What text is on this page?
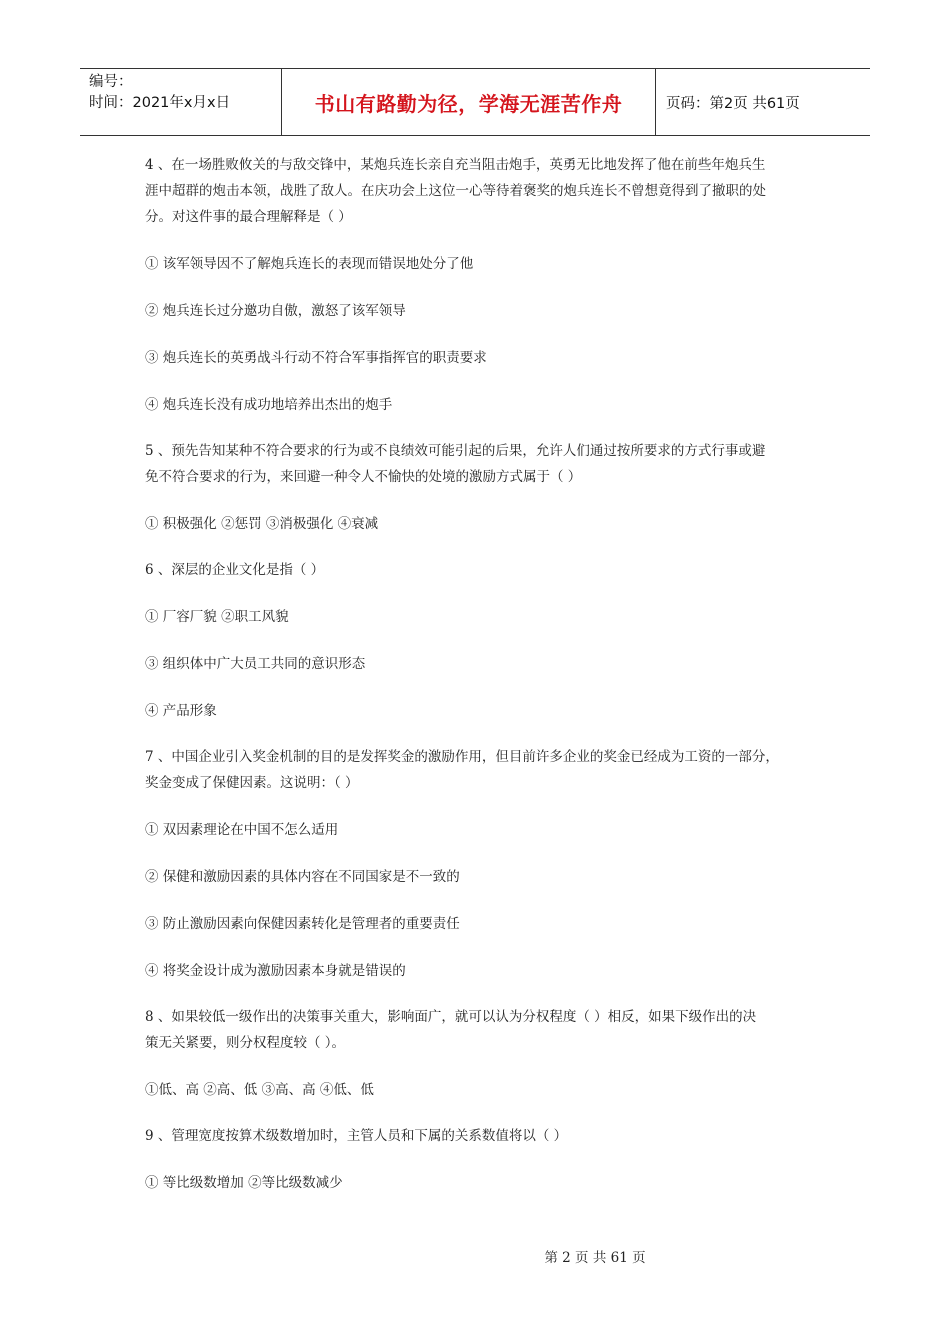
编号：
时间：2021年x月x日	书山有路勤为径，学海无涯苦作舟	页码：第2页 共61页

4 、在一场胜败攸关的与敌交锋中，某炮兵连长亲自充当阻击炮手，英勇无比地发挥了他在前些年炮兵生

涯中超群的炮击本领，战胜了敌人。在庆功会上这位一心等待着褒奖的炮兵连长不曾想竟得到了撤职的处

分。对这件事的最合理解释是（ ）

① 该军领导因不了解炮兵连长的表现而错误地处分了他

② 炮兵连长过分邀功自傲，激怒了该军领导

③ 炮兵连长的英勇战斗行动不符合军事指挥官的职责要求

④ 炮兵连长没有成功地培养出杰出的炮手

5 、预先告知某种不符合要求的行为或不良绩效可能引起的后果，允许人们通过按所要求的方式行事或避

免不符合要求的行为，来回避一种令人不愉快的处境的激励方式属于（ ）

① 积极强化 ②惩罚 ③消极强化 ④衰减

6 、深层的企业文化是指（ ）

① 厂容厂貌 ②职工风貌

③ 组织体中广大员工共同的意识形态

④ 产品形象

7 、中国企业引入奖金机制的目的是发挥奖金的激励作用，但目前许多企业的奖金已经成为工资的一部分，

奖金变成了保健因素。这说明：（ ）

① 双因素理论在中国不怎么适用

② 保健和激励因素的具体内容在不同国家是不一致的

③ 防止激励因素向保健因素转化是管理者的重要责任

④ 将奖金设计成为激励因素本身就是错误的

8 、如果较低一级作出的决策事关重大，影响面广，就可以认为分权程度（ ）相反，如果下级作出的决

策无关紧要，则分权程度较（ ）。

①低、高 ②高、低 ③高、高 ④低、低

9 、管理宽度按算术级数增加时，主管人员和下属的关系数值将以（ ）

① 等比级数增加 ②等比级数减少

第 2 页 共 61 页
